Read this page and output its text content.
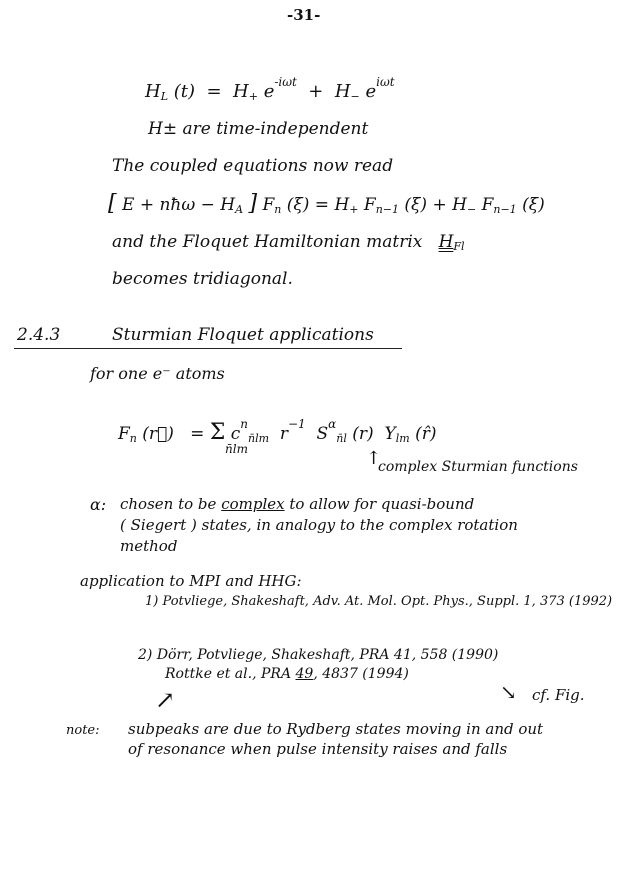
-31-
$H_L$ $(t) = H_+$ $e^{-i\omega t} + H_-$ $e^{i\omega t}$
H± are time-independent
The coupled equations now read
[ E + nħω − $H_A$ ] $F_n$ $(\xi) = H_+$ $F_{n-1}$ $(\xi) + H_-$ $F_{n-1}$ (ξ)
and the Floquet Hamiltonian matrix $H_{Fl}$
becomes tridiagonal.
2.4.3	Sturmian Floquet applications
for one e⁻ atoms
$F_n$ (r⃗) = Σ $c^n_{n̄lm}$ $r^{-1}$ $S^\alpha_{n̄l}$ (r) $Y_{lm}$ (r̂)
n̄lm	↑
complex Sturmian functions
α: chosen to be complex to allow for quasi-bound
( Siegert ) states, in analogy to the complex rotation
method
application to MPI and HHG:
1) Potvliege, Shakeshaft, Adv. At. Mol. Opt. Phys., Suppl. 1, 373 (1992)
2) Dörr, Potvliege, Shakeshaft, PRA 41, 558 (1990)
Rottke et al., PRA 49, 4837 (1994)
↗	↘ cf. Fig.
note: subpeaks are due to Rydberg states moving in and out
of resonance when pulse intensity raises and falls
